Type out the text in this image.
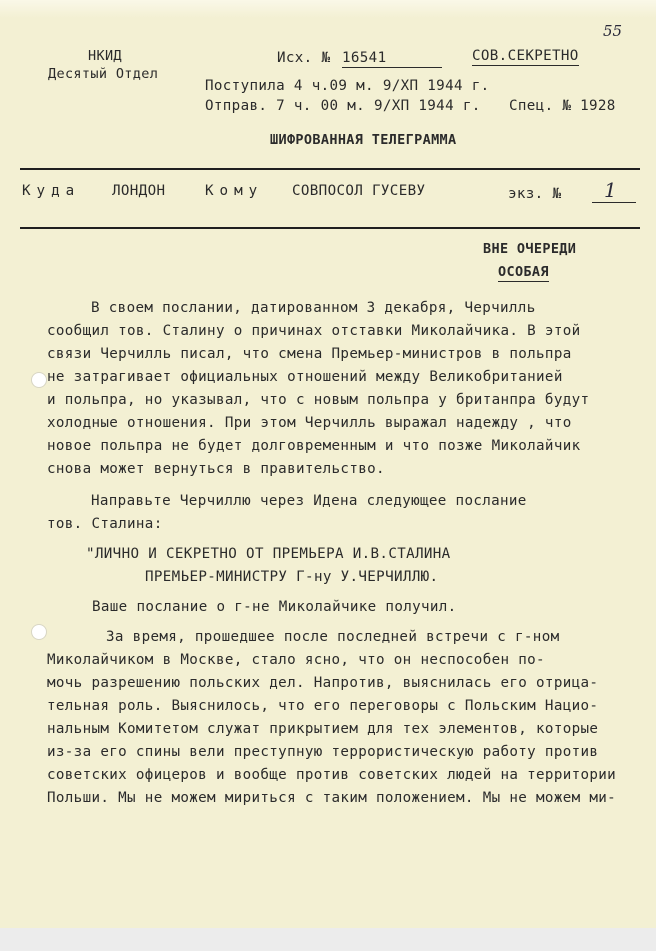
55
НКИД
Десятый Отдел
Исх. № 16541	СОВ.СЕКРЕТНО
Поступила 4 ч.09 м. 9/XП 1944 г.
Отправ. 7 ч. 00 м. 9/XП 1944 г. Спец. № 1928
ШИФРОВАННАЯ ТЕЛЕГРАММА
Куда ЛОНДОН	Кому СОВПОСОЛ ГУСЕВУ	экз. № 1
ВНЕ ОЧЕРЕДИ
ОСОБАЯ
В своем послании, датированном 3 декабря, Черчилль
сообщил тов. Сталину о причинах отставки Миколайчика. В этой
связи Черчилль писал, что смена Премьер-министров в польпра
не затрагивает официальных отношений между Великобританией
и польпра, но указывал, что с новым польпра у британпра будут
холодные отношения. При этом Черчилль выражал надежду , что
новое польпра не будет долговременным и что позже Миколайчик
снова может вернуться в правительство.
Направьте Черчиллю через Идена следующее послание
тов. Сталина:
"ЛИЧНО И СЕКРЕТНО ОТ ПРЕМЬЕРА И.В.СТАЛИНА
ПРЕМЬЕР-МИНИСТРУ Г-ну У.ЧЕРЧИЛЛЮ.
Ваше послание о г-не Миколайчике получил.
За время, прошедшее после последней встречи с г-ном
Миколайчиком в Москве, стало ясно, что он неспособен по-
мочь разрешению польских дел. Напротив, выяснилась его отрица-
тельная роль. Выяснилось, что его переговоры с Польским Нацио-
нальным Комитетом служат прикрытием для тех элементов, которые
из-за его спины вели преступную террористическую работу против
советских офицеров и вообще против советских людей на территории
Польши. Мы не можем мириться с таким положением. Мы не можем ми-
